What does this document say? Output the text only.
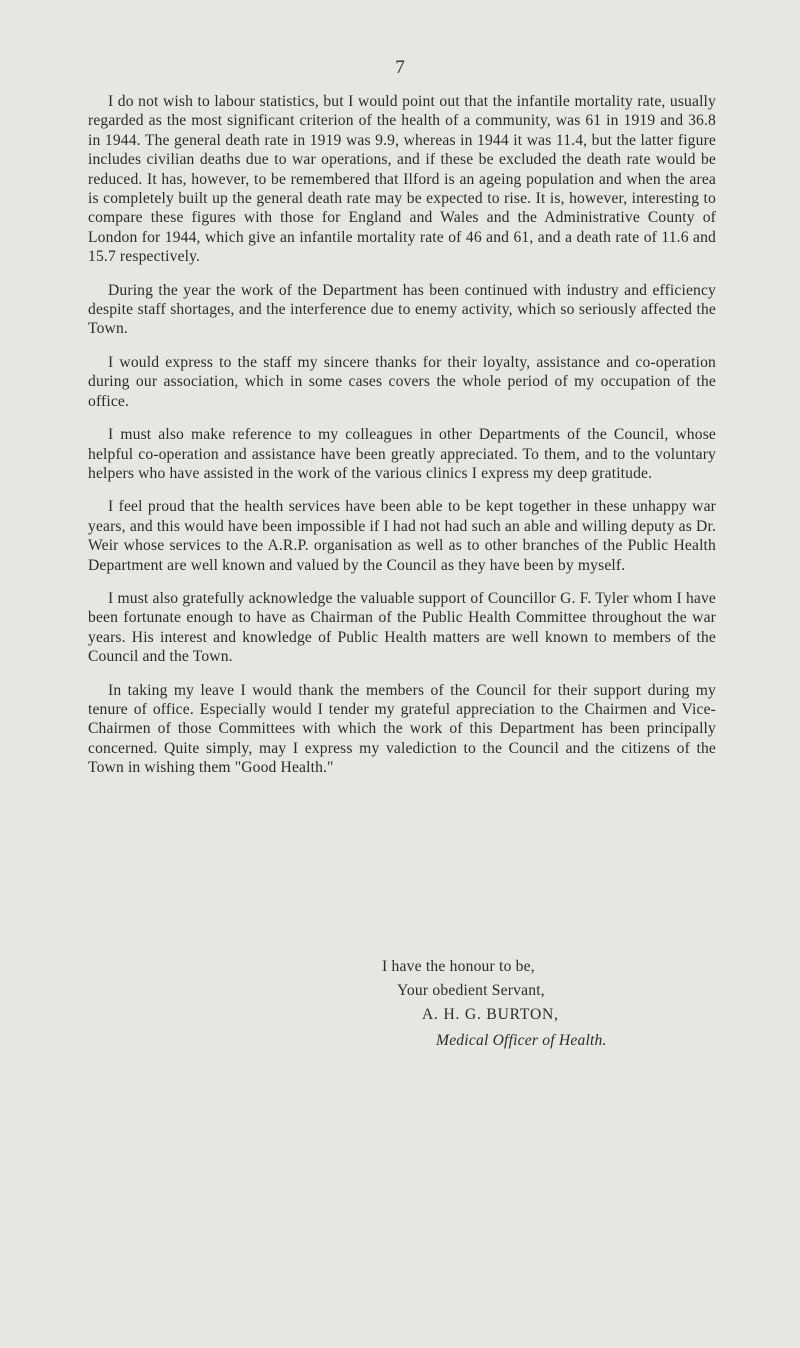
7

I do not wish to labour statistics, but I would point out that the infantile mortality rate, usually regarded as the most significant criterion of the health of a community, was 61 in 1919 and 36.8 in 1944. The general death rate in 1919 was 9.9, whereas in 1944 it was 11.4, but the latter figure includes civilian deaths due to war operations, and if these be excluded the death rate would be reduced. It has, however, to be remembered that Ilford is an ageing population and when the area is completely built up the general death rate may be expected to rise. It is, however, interesting to compare these figures with those for England and Wales and the Administrative County of London for 1944, which give an infantile mortality rate of 46 and 61, and a death rate of 11.6 and 15.7 respectively.

During the year the work of the Department has been continued with industry and efficiency despite staff shortages, and the interference due to enemy activity, which so seriously affected the Town.

I would express to the staff my sincere thanks for their loyalty, assistance and co-operation during our association, which in some cases covers the whole period of my occupation of the office.

I must also make reference to my colleagues in other Departments of the Council, whose helpful co-operation and assistance have been greatly appreciated. To them, and to the voluntary helpers who have assisted in the work of the various clinics I express my deep gratitude.

I feel proud that the health services have been able to be kept together in these unhappy war years, and this would have been impossible if I had not had such an able and willing deputy as Dr. Weir whose services to the A.R.P. organisation as well as to other branches of the Public Health Department are well known and valued by the Council as they have been by myself.

I must also gratefully acknowledge the valuable support of Councillor G. F. Tyler whom I have been fortunate enough to have as Chairman of the Public Health Committee throughout the war years. His interest and knowledge of Public Health matters are well known to members of the Council and the Town.

In taking my leave I would thank the members of the Council for their support during my tenure of office. Especially would I tender my grateful appreciation to the Chairmen and Vice-Chairmen of those Committees with which the work of this Department has been principally concerned. Quite simply, may I express my valediction to the Council and the citizens of the Town in wishing them "Good Health."

I have the honour to be,
Your obedient Servant,
A. H. G. BURTON,
Medical Officer of Health.
